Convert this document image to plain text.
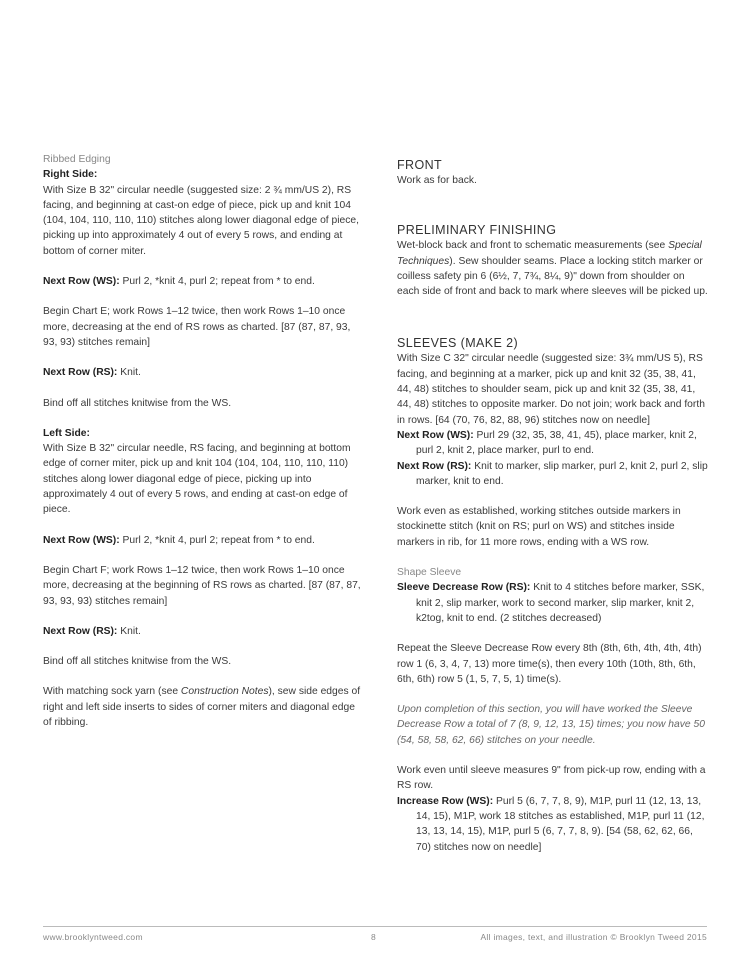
Ribbed Edging

Right Side:

With Size B 32" circular needle (suggested size: 2 ¾ mm/US 2), RS facing, and beginning at cast-on edge of piece, pick up and knit 104 (104, 104, 110, 110, 110) stitches along lower diagonal edge of piece, picking up into approximately 4 out of every 5 rows, and ending at bottom of corner miter.

Next Row (WS): Purl 2, *knit 4, purl 2; repeat from * to end.

Begin Chart E; work Rows 1–12 twice, then work Rows 1–10 once more, decreasing at the end of RS rows as charted. [87 (87, 87, 93, 93, 93) stitches remain]

Next Row (RS): Knit.

Bind off all stitches knitwise from the WS.

Left Side:

With Size B 32" circular needle, RS facing, and beginning at bottom edge of corner miter, pick up and knit 104 (104, 104, 110, 110, 110) stitches along lower diagonal edge of piece, picking up into approximately 4 out of every 5 rows, and ending at cast-on edge of piece.

Next Row (WS): Purl 2, *knit 4, purl 2; repeat from * to end.

Begin Chart F; work Rows 1–12 twice, then work Rows 1–10 once more, decreasing at the beginning of RS rows as charted. [87 (87, 87, 93, 93, 93) stitches remain]

Next Row (RS): Knit.

Bind off all stitches knitwise from the WS.

With matching sock yarn (see Construction Notes), sew side edges of right and left side inserts to sides of corner miters and diagonal edge of ribbing.

FRONT

Work as for back.

PRELIMINARY FINISHING

Wet-block back and front to schematic measurements (see Special Techniques). Sew shoulder seams. Place a locking stitch marker or coilless safety pin 6 (6½, 7, 7¾, 8¼, 9)" down from shoulder on each side of front and back to mark where sleeves will be picked up.

SLEEVES (MAKE 2)

With Size C 32" circular needle (suggested size: 3¾ mm/US 5), RS facing, and beginning at a marker, pick up and knit 32 (35, 38, 41, 44, 48) stitches to shoulder seam, pick up and knit 32 (35, 38, 41, 44, 48) stitches to opposite marker. Do not join; work back and forth in rows. [64 (70, 76, 82, 88, 96) stitches now on needle]

Next Row (WS): Purl 29 (32, 35, 38, 41, 45), place marker, knit 2, purl 2, knit 2, place marker, purl to end.

Next Row (RS): Knit to marker, slip marker, purl 2, knit 2, purl 2, slip marker, knit to end.

Work even as established, working stitches outside markers in stockinette stitch (knit on RS; purl on WS) and stitches inside markers in rib, for 11 more rows, ending with a WS row.

Shape Sleeve

Sleeve Decrease Row (RS): Knit to 4 stitches before marker, SSK, knit 2, slip marker, work to second marker, slip marker, knit 2, k2tog, knit to end. (2 stitches decreased)

Repeat the Sleeve Decrease Row every 8th (8th, 6th, 4th, 4th, 4th) row 1 (6, 3, 4, 7, 13) more time(s), then every 10th (10th, 8th, 6th, 6th, 6th) row 5 (1, 5, 7, 5, 1) time(s).

Upon completion of this section, you will have worked the Sleeve Decrease Row a total of 7 (8, 9, 12, 13, 15) times; you now have 50 (54, 58, 58, 62, 66) stitches on your needle.

Work even until sleeve measures 9" from pick-up row, ending with a RS row.

Increase Row (WS): Purl 5 (6, 7, 7, 8, 9), M1P, purl 11 (12, 13, 13, 14, 15), M1P, work 18 stitches as established, M1P, purl 11 (12, 13, 13, 14, 15), M1P, purl 5 (6, 7, 7, 8, 9). [54 (58, 62, 62, 66, 70) stitches now on needle]

www.brooklyntweed.com	8	All images, text, and illustration © Brooklyn Tweed 2015
